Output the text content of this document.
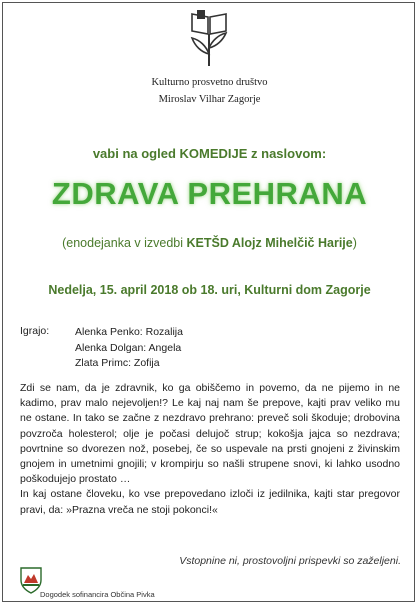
Kulturno prosvetno društvo
Miroslav Vilhar Zagorje
vabi na ogled KOMEDIJE z naslovom:
ZDRAVA PREHRANA
(enodejanka v izvedbi KETŠD Alojz Mihelčič Harije)
Nedelja, 15. april 2018 ob 18. uri, Kulturni dom Zagorje
Igrajo: Alenka Penko: Rozalija
Alenka Dolgan: Angela
Zlata Primc: Zofija

Zdi se nam, da je zdravnik, ko ga obiščemo in povemo, da ne pijemo in ne kadimo, prav malo nejevoljen!? Le kaj naj nam še prepove, kajti prav veliko mu ne ostane. In tako se začne z nezdravo prehrano: preveč soli škoduje; drobovina povzroča holesterol; olje je počasi delujoč strup; kokošja jajca so nezdrava; povrtnine so dvorezen nož, posebej, če so uspevale na prsti gnojeni z živinskim gnojem in umetnimi gnojili; v krompirju so našli strupene snovi, ki lahko usodno poškodujejo prostato …

In kaj ostane človeku, ko vse prepovedano izloči iz jedilnika, kajti star pregovor pravi, da: »Prazna vreča ne stoji pokonci!«

Vstopnine ni, prostovoljni prispevki so zaželjeni.
Dogodek sofinancira Občina Pivka
